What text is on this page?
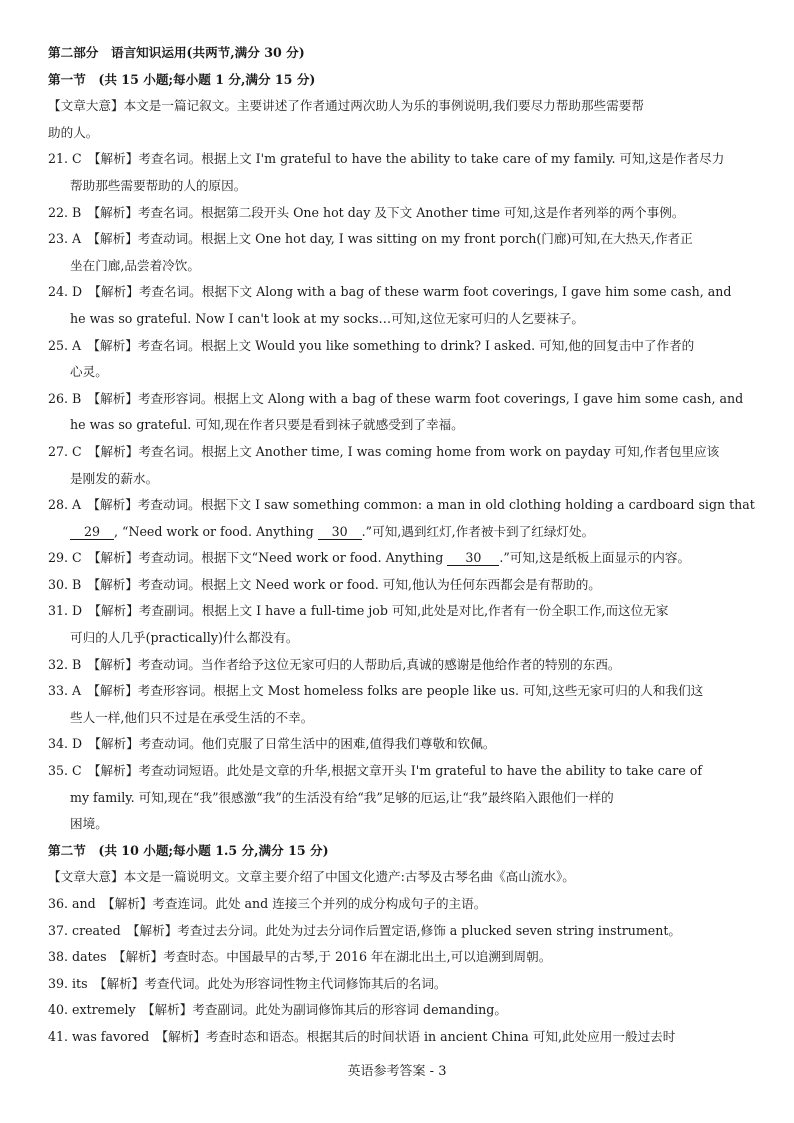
第二部分　语言知识运用(共两节,满分 30 分)
第一节　(共 15 小题;每小题 1 分,满分 15 分)
【文章大意】本文是一篇记叙文。主要讲述了作者通过两次助人为乐的事例说明,我们要尽力帮助那些需要帮
助的人。
21. C　【解析】考查名词。根据上文 I'm grateful to have the ability to take care of my family. 可知,这是作者尽力
帮助那些需要帮助的人的原因。
22. B　【解析】考查名词。根据第二段开头 One hot day 及下文 Another time 可知,这是作者列举的两个事例。
23. A　【解析】考查动词。根据上文 One hot day, I was sitting on my front porch(门廊)可知,在大热天,作者正
坐在门廊,品尝着冷饮。
24. D　【解析】考查名词。根据下文 Along with a bag of these warm foot coverings, I gave him some cash, and
he was so grateful. Now I can't look at my socks…可知,这位无家可归的人乞要袜子。
25. A　【解析】考查名词。根据上文 Would you like something to drink? I asked. 可知,他的回复击中了作者的
心灵。
26. B　【解析】考查形容词。根据上文 Along with a bag of these warm foot coverings, I gave him some cash, and
he was so grateful. 可知,现在作者只要是看到袜子就感受到了幸福。
27. C　【解析】考查名词。根据上文 Another time, I was coming home from work on payday 可知,作者包里应该
是刚发的薪水。
28. A　【解析】考查动词。根据下文 I saw something common: a man in old clothing holding a cardboard sign that
29 , “Need work or food. Anything 30 .”可知,遇到红灯,作者被卡到了红绿灯处。
29. C　【解析】考查动词。根据下文“Need work or food. Anything 30 .”可知,这是纸板上面显示的内容。
30. B　【解析】考查动词。根据上文 Need work or food. 可知,他认为任何东西都会是有帮助的。
31. D　【解析】考查副词。根据上文 I have a full-time job 可知,此处是对比,作者有一份全职工作,而这位无家
可归的人几乎(practically)什么都没有。
32. B　【解析】考查动词。当作者给予这位无家可归的人帮助后,真诚的感谢是他给作者的特别的东西。
33. A　【解析】考查形容词。根据上文 Most homeless folks are people like us. 可知,这些无家可归的人和我们这
些人一样,他们只不过是在承受生活的不幸。
34. D　【解析】考查动词。他们克服了日常生活中的困难,值得我们尊敬和钦佩。
35. C　【解析】考查动词短语。此处是文章的升华,根据文章开头 I'm grateful to have the ability to take care of
my family. 可知,现在“我”很感激“我”的生活没有给“我”足够的厄运,让“我”最终陷入跟他们一样的
困境。
第二节　(共 10 小题;每小题 1.5 分,满分 15 分)
【文章大意】本文是一篇说明文。文章主要介绍了中国文化遗产:古琴及古琴名曲《高山流水》。
36. and　【解析】考查连词。此处 and 连接三个并列的成分构成句子的主语。
37. created　【解析】考查过去分词。此处为过去分词作后置定语,修饰 a plucked seven string instrument。
38. dates　【解析】考查时态。中国最早的古琴,于 2016 年在湖北出土,可以追溯到周朝。
39. its　【解析】考查代词。此处为形容词性物主代词修饰其后的名词。
40. extremely　【解析】考查副词。此处为副词修饰其后的形容词 demanding。
41. was favored　【解析】考查时态和语态。根据其后的时间状语 in ancient China 可知,此处应用一般过去时
英语参考答案 - 3
